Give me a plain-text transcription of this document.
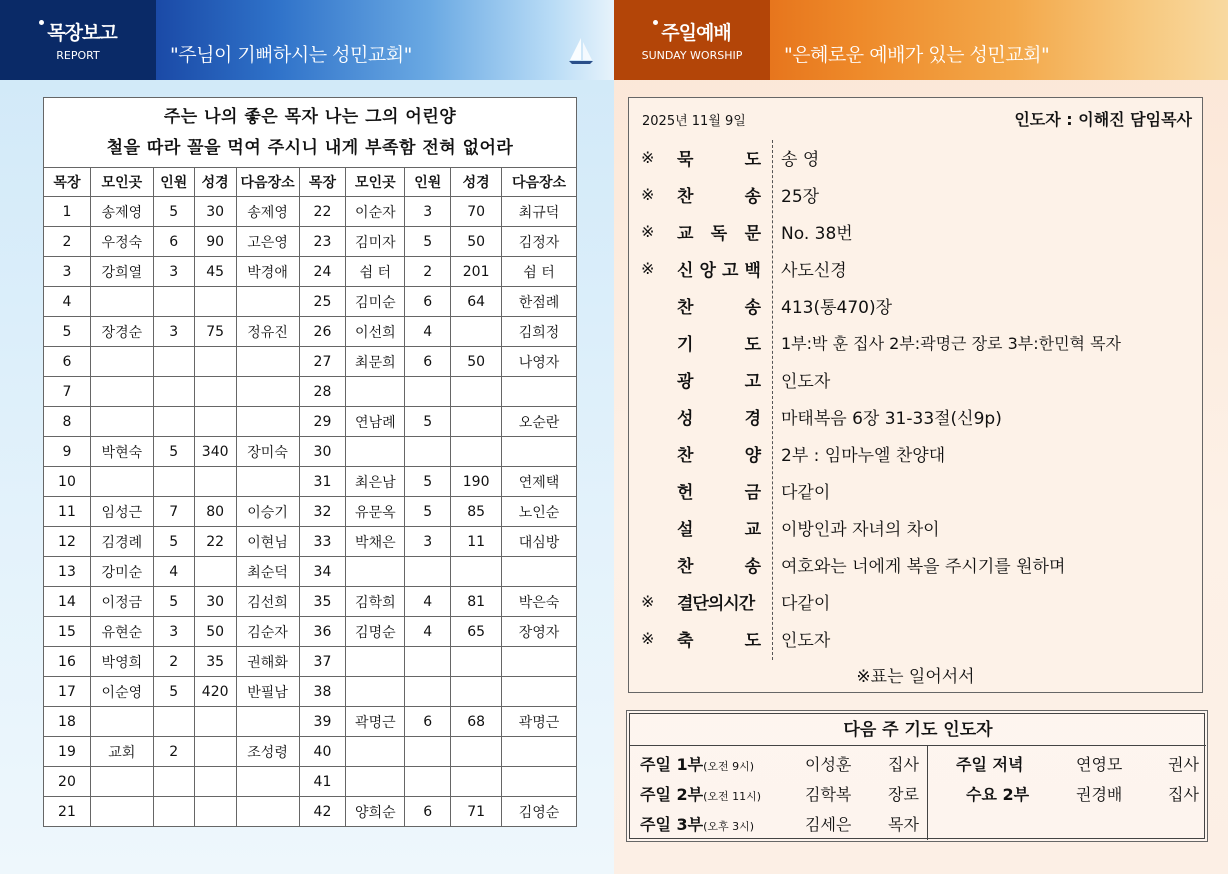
목장보고
REPORT	"주님이 기뻐하시는 성민교회"
주일예배
SUNDAY WORSHIP "은혜로운 예배가 있는 성민교회"
주는 나의 좋은 목자 나는 그의 어린양
철을 따라 꼴을 먹여 주시니 내게 부족함 전혀 없어라
목장	모인곳	인원	성경	다음장소	목장	모인곳	인원	성경	다음장소
1	송제영	5	30	송제영	22	이순자	3	70	최규덕
2	우정숙	6	90	고은영	23	김미자	5	50	김정자
3	강희열	3	45	박경애	24	쉼 터	2	201	쉼 터
4					25	김미순	6	64	한점례
5	장경순	3	75	정유진	26	이선희	4		김희정
6					27	최문희	6	50	나영자
7					28				
8					29	연남례	5		오순란
9	박현숙	5	340	장미숙	30				
10					31	최은남	5	190	연제택
11	임성근	7	80	이승기	32	유문옥	5	85	노인순
12	김경례	5	22	이현님	33	박채은	3	11	대심방
13	강미순	4		최순덕	34				
14	이정금	5	30	김선희	35	김학희	4	81	박은숙
15	유현순	3	50	김순자	36	김명순	4	65	장영자
16	박영희	2	35	권해화	37				
17	이순영	5	420	반필남	38				
18					39	곽명근	6	68	곽명근
19	교회	2		조성령	40				
20					41				
21					42	양희순	6	71	김영순
2025년 11월 9일	인도자 : 이해진 담임목사
※ 묵	도 송 영
※ 찬	송 25장
※ 교 독 문 No. 38번
※ 신 앙 고 백 사도신경
찬	송 413(통470)장
기	도 1부:박 훈 집사 2부:곽명근 장로 3부:한민혁 목자
광	고 인도자
성	경 마태복음 6장 31-33절(신9p)
찬	양 2부 : 임마누엘 찬양대
헌	금 다같이
설	교 이방인과 자녀의 차이
찬	송 여호와는 너에게 복을 주시기를 원하며
※ 결단의시간 다같이
※ 축	도 인도자
※표는 일어서서
다음 주 기도 인도자
주일 1부(오전 9시)	이성훈 집사
주일 2부(오전 11시)	김학복 장로
주일 3부(오후 3시)	김세은 목자
주일 저녁	연영모	권사
수요 2부	권경배	집사
